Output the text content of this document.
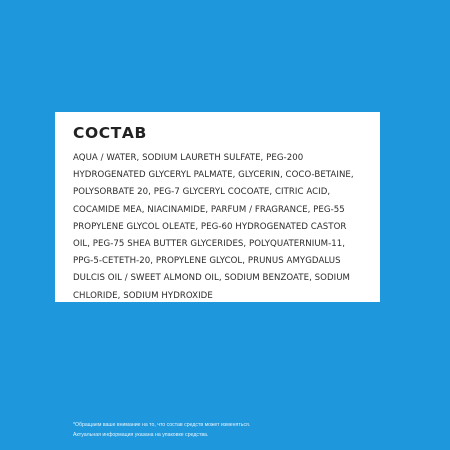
СОСТАВ

AQUA / WATER, SODIUM LAURETH SULFATE, PEG-200
HYDROGENATED GLYCERYL PALMATE, GLYCERIN, COCO-BETAINE,
POLYSORBATE 20, PEG-7 GLYCERYL COCOATE, CITRIC ACID,
COCAMIDE MEA, NIACINAMIDE, PARFUM / FRAGRANCE, PEG-55
PROPYLENE GLYCOL OLEATE, PEG-60 HYDROGENATED CASTOR
OIL, PEG-75 SHEA BUTTER GLYCERIDES, POLYQUATERNIUM-11,
PPG-5-CETETH-20, PROPYLENE GLYCOL, PRUNUS AMYGDALUS
DULCIS OIL / SWEET ALMOND OIL, SODIUM BENZOATE, SODIUM
CHLORIDE, SODIUM HYDROXIDE

*Обращаем ваше внимание на то, что состав средств может изменяться.
Актуальная информация указана на упаковке средства.
